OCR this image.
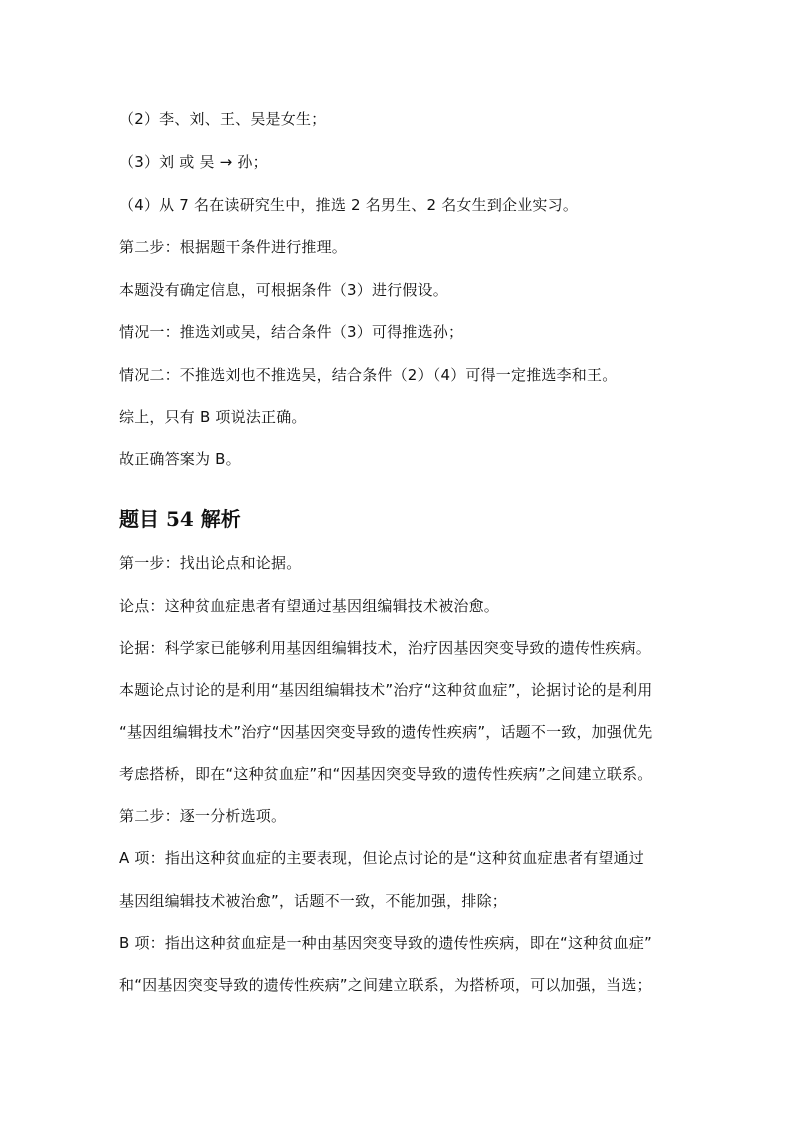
（2）李、刘、王、吴是女生；
（3）刘 或 吴 → 孙；
（4）从 7 名在读研究生中，推选 2 名男生、2 名女生到企业实习。
第二步：根据题干条件进行推理。
本题没有确定信息，可根据条件（3）进行假设。
情况一：推选刘或吴，结合条件（3）可得推选孙；
情况二：不推选刘也不推选吴，结合条件（2）（4）可得一定推选李和王。
综上，只有 B 项说法正确。
故正确答案为 B。
题目 54 解析
第一步：找出论点和论据。
论点：这种贫血症患者有望通过基因组编辑技术被治愈。
论据：科学家已能够利用基因组编辑技术，治疗因基因突变导致的遗传性疾病。
本题论点讨论的是利用“基因组编辑技术”治疗“这种贫血症”，论据讨论的是利用
“基因组编辑技术”治疗“因基因突变导致的遗传性疾病”，话题不一致，加强优先
考虑搭桥，即在“这种贫血症”和“因基因突变导致的遗传性疾病”之间建立联系。
第二步：逐一分析选项。
A 项：指出这种贫血症的主要表现，但论点讨论的是“这种贫血症患者有望通过
基因组编辑技术被治愈”，话题不一致，不能加强，排除；
B 项：指出这种贫血症是一种由基因突变导致的遗传性疾病，即在“这种贫血症”
和“因基因突变导致的遗传性疾病”之间建立联系，为搭桥项，可以加强，当选；
